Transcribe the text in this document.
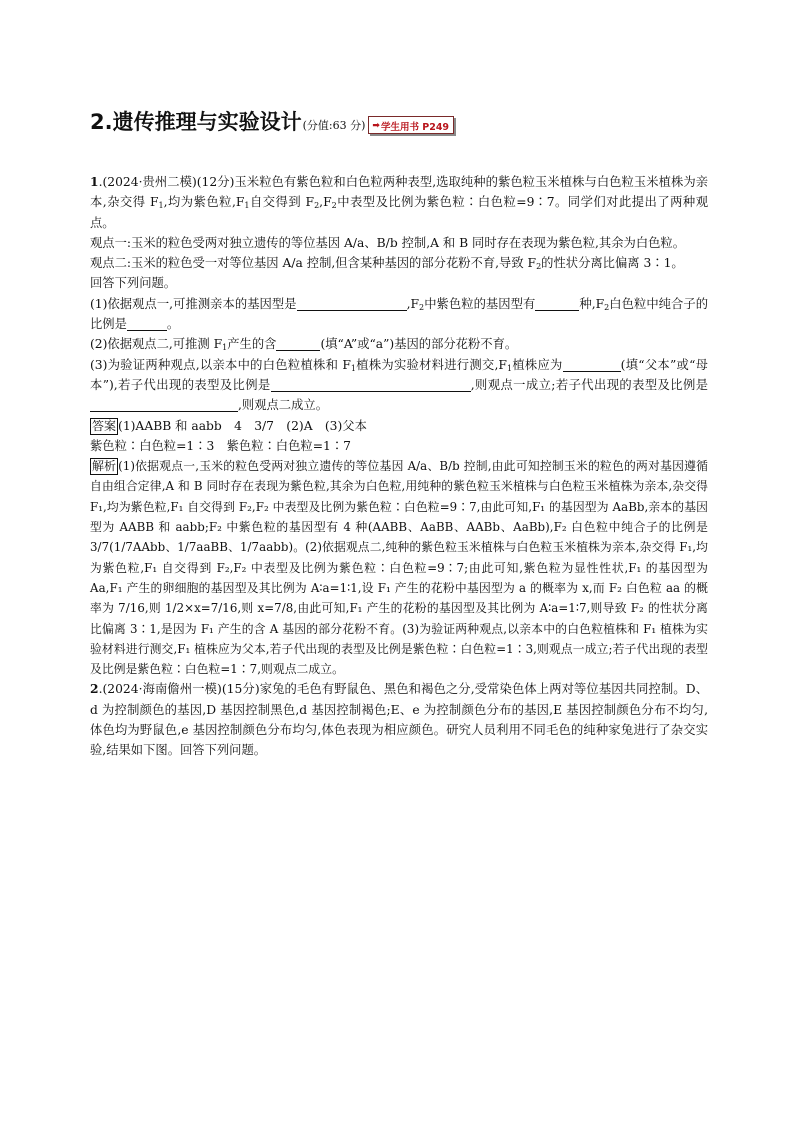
2.遗传推理与实验设计 (分值:63 分) ➡ 学生用书 P249

1.(2024·贵州二模)(12分)玉米粒色有紫色粒和白色粒两种表型,选取纯种的紫色粒玉米植株与白色粒玉米植株为亲本,杂交得 $F_1$,均为紫色粒$,F_1$自交得到 $F_2,F_2$中表型及比例为紫色粒∶白色粒=9∶7。同学们对此提出了两种观点。

观点一:玉米的粒色受两对独立遗传的等位基因 A/a、B/b 控制,A 和 B 同时存在表现为紫色粒,其余为白色粒。

观点二:玉米的粒色受一对等位基因 A/a 控制,但含某种基因的部分花粉不育,导致 $F_2$的性状分离比偏离 3∶1。

回答下列问题。

(1)依据观点一,可推测亲本的基因型是	$,F_2$中紫色粒的基因型有	种$,F_2$白色粒中纯合子的比例是	。

(2)依据观点二,可推测 $F_1$产生的含	(填“A”或“a”)基因的部分花粉不育。

(3)为验证两种观点,以亲本中的白色粒植株和 $F_1$植株为实验材料进行测交$,F_1$植株应为	(填“父本”或“母本”),若子代出现的表型及比例是	,则观点一成立;若子代出现的表型及比例是,则观点二成立。

答案 (1)AABB 和 aabb　4　3/7　(2)A　(3)父本

紫色粒∶白色粒=1∶3　紫色粒∶白色粒=1∶7

解析 (1)依据观点一,玉米的粒色受两对独立遗传的等位基因 A/a、B/b 控制,由此可知控制玉米的粒色的两对基因遵循自由组合定律,A 和 B 同时存在表现为紫色粒,其余为白色粒,用纯种的紫色粒玉米植株与白色粒玉米植株为亲本,杂交得 F₁,均为紫色粒,F₁ 自交得到 F₂,F₂ 中表型及比例为紫色粒∶白色粒=9∶7,由此可知,F₁ 的基因型为 AaBb,亲本的基因型为 AABB 和 aabb;F₂ 中紫色粒的基因型有 4 种(AABB、AaBB、AABb、AaBb),F₂ 白色粒中纯合子的比例是 3/7(1/7AAbb、1/7aaBB、1/7aabb)。(2)依据观点二,纯种的紫色粒玉米植株与白色粒玉米植株为亲本,杂交得 F₁,均为紫色粒,F₁ 自交得到 F₂,F₂ 中表型及比例为紫色粒∶白色粒=9∶7;由此可知,紫色粒为显性性状,F₁ 的基因型为 Aa,F₁ 产生的卵细胞的基因型及其比例为 A∶a=1∶1,设 F₁ 产生的花粉中基因型为 a 的概率为 x,而 F₂ 白色粒 aa 的概率为 7/16,则 1/2×x=7/16,则 x=7/8,由此可知,F₁ 产生的花粉的基因型及其比例为 A∶a=1∶7,则导致 F₂ 的性状分离比偏离 3∶1,是因为 F₁ 产生的含 A 基因的部分花粉不育。(3)为验证两种观点,以亲本中的白色粒植株和 F₁ 植株为实验材料进行测交,F₁ 植株应为父本,若子代出现的表型及比例是紫色粒∶白色粒=1∶3,则观点一成立;若子代出现的表型及比例是紫色粒∶白色粒=1∶7,则观点二成立。

2.(2024·海南儋州一模)(15分)家兔的毛色有野鼠色、黑色和褐色之分,受常染色体上两对等位基因共同控制。D、d 为控制颜色的基因,D 基因控制黑色,d 基因控制褐色;E、e 为控制颜色分布的基因,E 基因控制颜色分布不均匀,体色均为野鼠色,e 基因控制颜色分布均匀,体色表现为相应颜色。研究人员利用不同毛色的纯种家兔进行了杂交实验,结果如下图。回答下列问题。
